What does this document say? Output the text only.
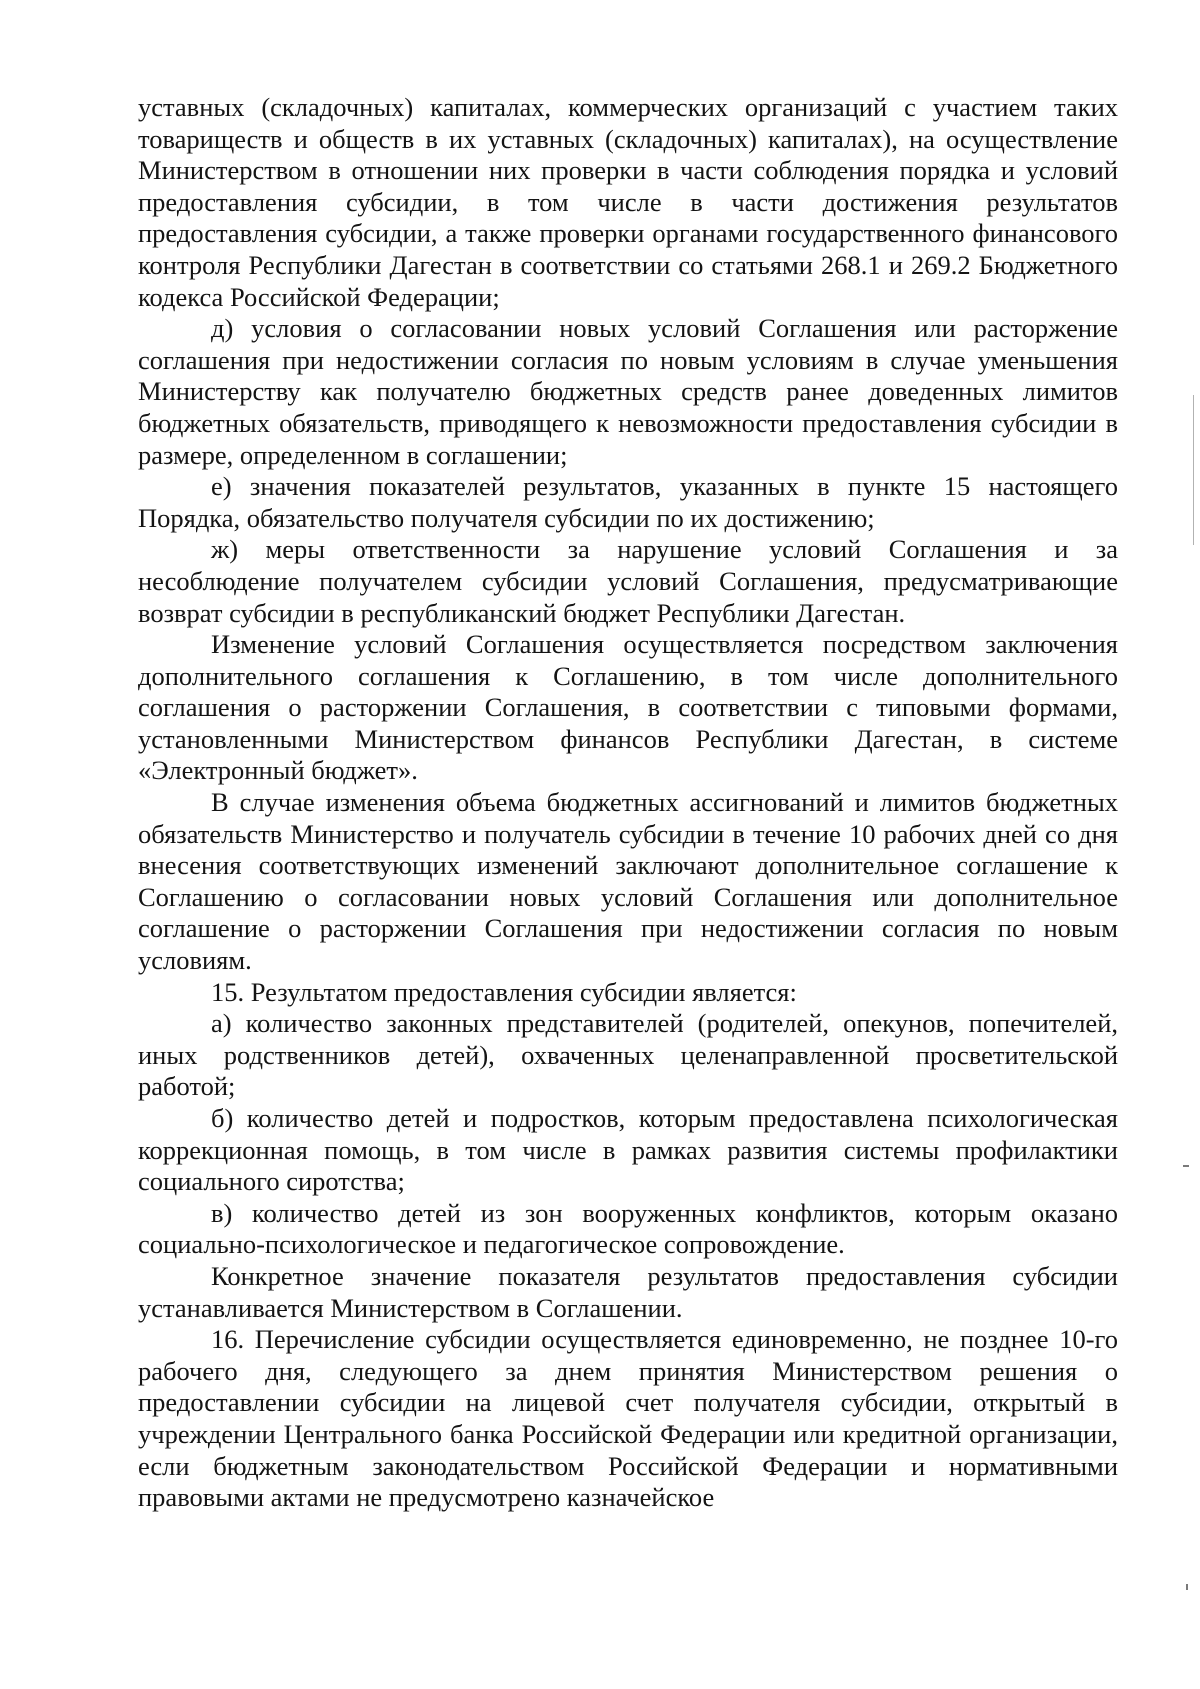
уставных (складочных) капиталах, коммерческих организаций с участием таких товариществ и обществ в их уставных (складочных) капиталах), на осуществление Министерством в отношении них проверки в части соблюдения порядка и условий предоставления субсидии, в том числе в части достижения результатов предоставления субсидии, а также проверки органами государственного финансового контроля Республики Дагестан в соответствии со статьями 268.1 и 269.2 Бюджетного кодекса Российской Федерации;

д) условия о согласовании новых условий Соглашения или расторжение соглашения при недостижении согласия по новым условиям в случае уменьшения Министерству как получателю бюджетных средств ранее доведенных лимитов бюджетных обязательств, приводящего к невозможности предоставления субсидии в размере, определенном в соглашении;

е) значения показателей результатов, указанных в пункте 15 настоящего Порядка, обязательство получателя субсидии по их достижению;

ж) меры ответственности за нарушение условий Соглашения и за несоблюдение получателем субсидии условий Соглашения, предусматривающие возврат субсидии в республиканский бюджет Республики Дагестан.

Изменение условий Соглашения осуществляется посредством заключения дополнительного соглашения к Соглашению, в том числе дополнительного соглашения о расторжении Соглашения, в соответствии с типовыми формами, установленными Министерством финансов Республики Дагестан, в системе «Электронный бюджет».

В случае изменения объема бюджетных ассигнований и лимитов бюджетных обязательств Министерство и получатель субсидии в течение 10 рабочих дней со дня внесения соответствующих изменений заключают дополнительное соглашение к Соглашению о согласовании новых условий Соглашения или дополнительное соглашение о расторжении Соглашения при недостижении согласия по новым условиям.

15. Результатом предоставления субсидии является:

а) количество законных представителей (родителей, опекунов, попечителей, иных родственников детей), охваченных целенаправленной просветительской работой;

б) количество детей и подростков, которым предоставлена психологическая коррекционная помощь, в том числе в рамках развития системы профилактики социального сиротства;

в) количество детей из зон вооруженных конфликтов, которым оказано социально-психологическое и педагогическое сопровождение.

Конкретное значение показателя результатов предоставления субсидии устанавливается Министерством в Соглашении.

16. Перечисление субсидии осуществляется единовременно, не позднее 10-го рабочего дня, следующего за днем принятия Министерством решения о предоставлении субсидии на лицевой счет получателя субсидии, открытый в учреждении Центрального банка Российской Федерации или кредитной организации, если бюджетным законодательством Российской Федерации и нормативными правовыми актами не предусмотрено казначейское
